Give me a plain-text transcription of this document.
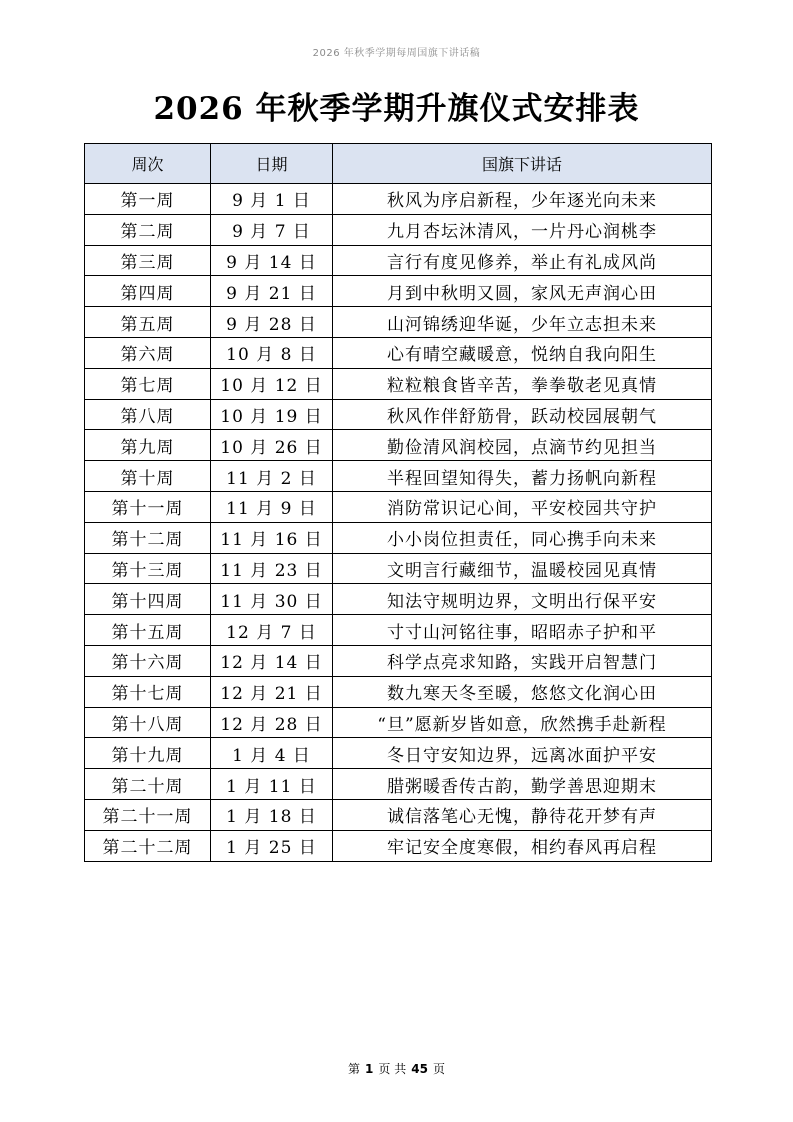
2026 年秋季学期每周国旗下讲话稿
2026 年秋季学期升旗仪式安排表
周次	日期	国旗下讲话
第一周	9 月 1 日	秋风为序启新程，少年逐光向未来
第二周	9 月 7 日	九月杏坛沐清风，一片丹心润桃李
第三周	9 月 14 日	言行有度见修养，举止有礼成风尚
第四周	9 月 21 日	月到中秋明又圆，家风无声润心田
第五周	9 月 28 日	山河锦绣迎华诞，少年立志担未来
第六周	10 月 8 日	心有晴空藏暖意，悦纳自我向阳生
第七周	10 月 12 日	粒粒粮食皆辛苦，拳拳敬老见真情
第八周	10 月 19 日	秋风作伴舒筋骨，跃动校园展朝气
第九周	10 月 26 日	勤俭清风润校园，点滴节约见担当
第十周	11 月 2 日	半程回望知得失，蓄力扬帆向新程
第十一周	11 月 9 日	消防常识记心间，平安校园共守护
第十二周	11 月 16 日	小小岗位担责任，同心携手向未来
第十三周	11 月 23 日	文明言行藏细节，温暖校园见真情
第十四周	11 月 30 日	知法守规明边界，文明出行保平安
第十五周	12 月 7 日	寸寸山河铭往事，昭昭赤子护和平
第十六周	12 月 14 日	科学点亮求知路，实践开启智慧门
第十七周	12 月 21 日	数九寒天冬至暖，悠悠文化润心田
第十八周	12 月 28 日	“旦”愿新岁皆如意，欣然携手赴新程
第十九周	1 月 4 日	冬日守安知边界，远离冰面护平安
第二十周	1 月 11 日	腊粥暖香传古韵，勤学善思迎期末
第二十一周	1 月 18 日	诚信落笔心无愧，静待花开梦有声
第二十二周	1 月 25 日	牢记安全度寒假，相约春风再启程
第 1 页 共 45 页
